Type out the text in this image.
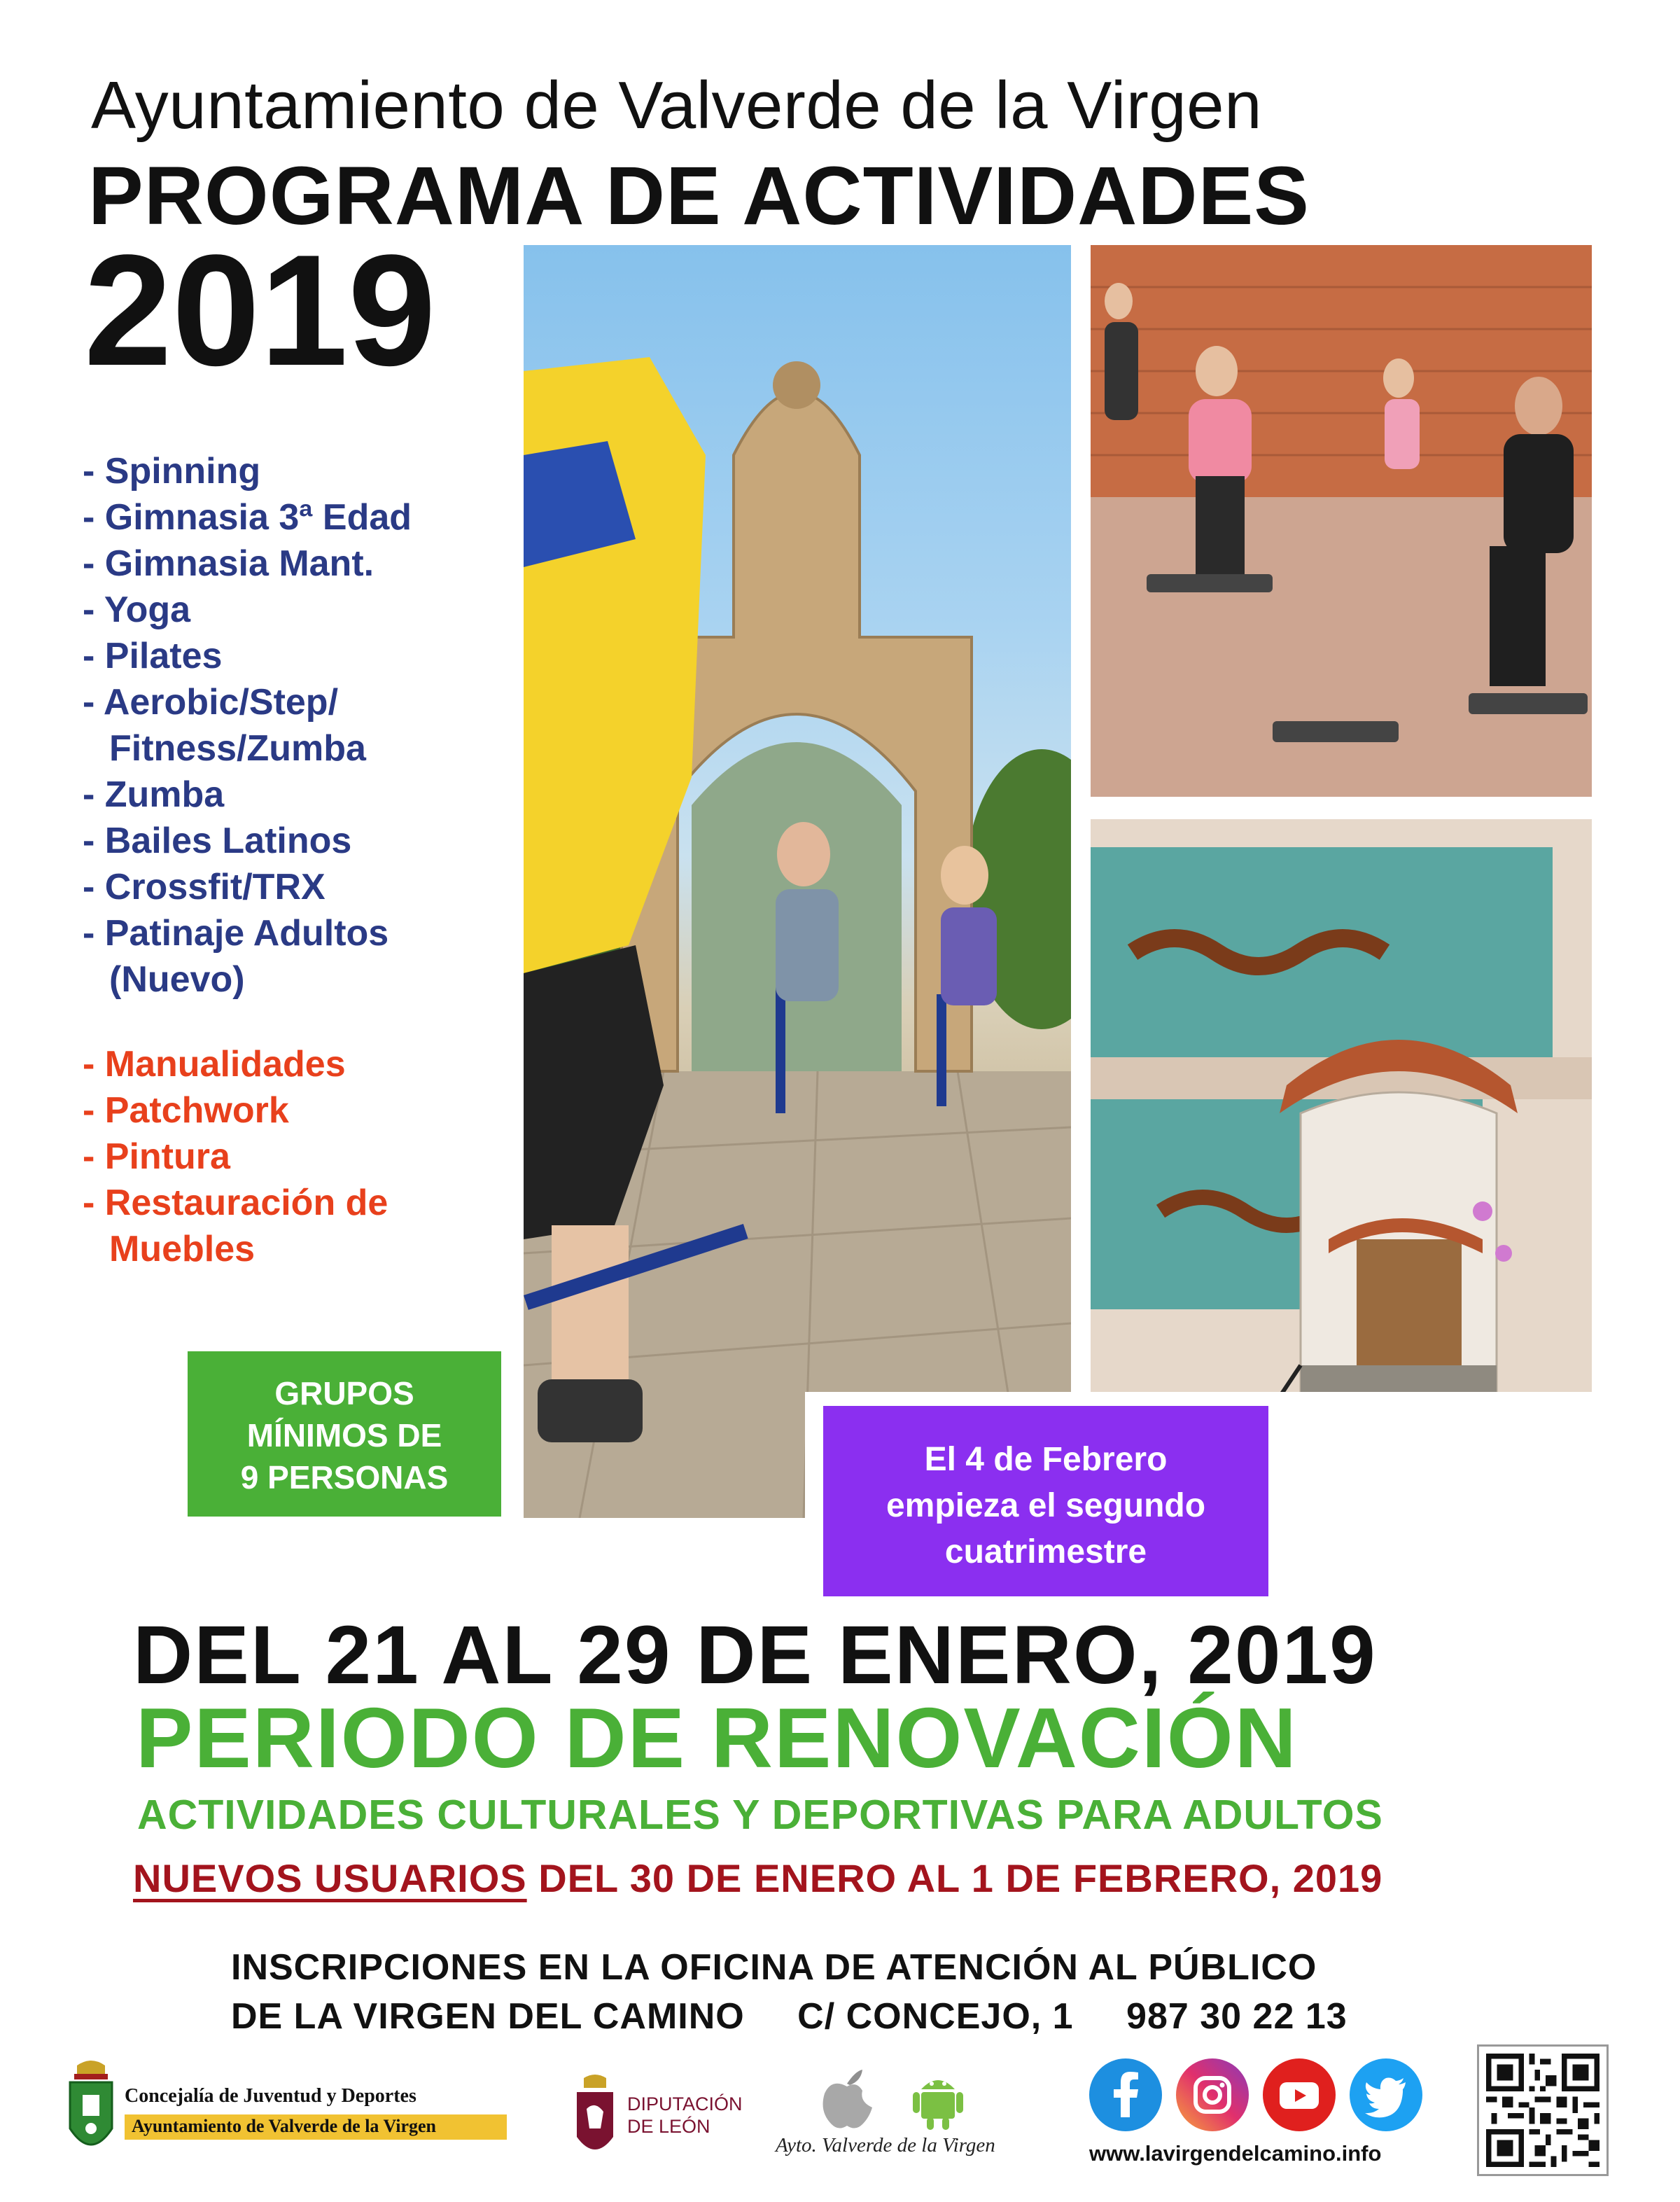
Ayuntamiento de Valverde de la Virgen
PROGRAMA DE ACTIVIDADES
2019
- Spinning
- Gimnasia 3ª Edad
- Gimnasia Mant.
- Yoga
- Pilates
- Aerobic/Step/
Fitness/Zumba
- Zumba
- Bailes Latinos
- Crossfit/TRX
- Patinaje Adultos
(Nuevo)
- Manualidades
- Patchwork
- Pintura
- Restauración de
Muebles
GRUPOS
MÍNIMOS DE
9 PERSONAS	El 4 de Febrero
empieza el segundo
cuatrimestre
DEL 21 AL 29 DE ENERO, 2019
PERIODO DE RENOVACIÓN
ACTIVIDADES CULTURALES Y DEPORTIVAS PARA ADULTOS
NUEVOS USUARIOS DEL 30 DE ENERO AL 1 DE FEBRERO, 2019
INSCRIPCIONES EN LA OFICINA DE ATENCIÓN AL PÚBLICO
DE LA VIRGEN DEL CAMINO C/ CONCEJO, 1 987 30 22 13
Concejalía de Juventud y Deportes
Ayuntamiento de Valverde de la Virgen
DIPUTACIÓN
DE LEÓN
Ayto. Valverde de la Virgen	www.lavirgendelcamino.info
